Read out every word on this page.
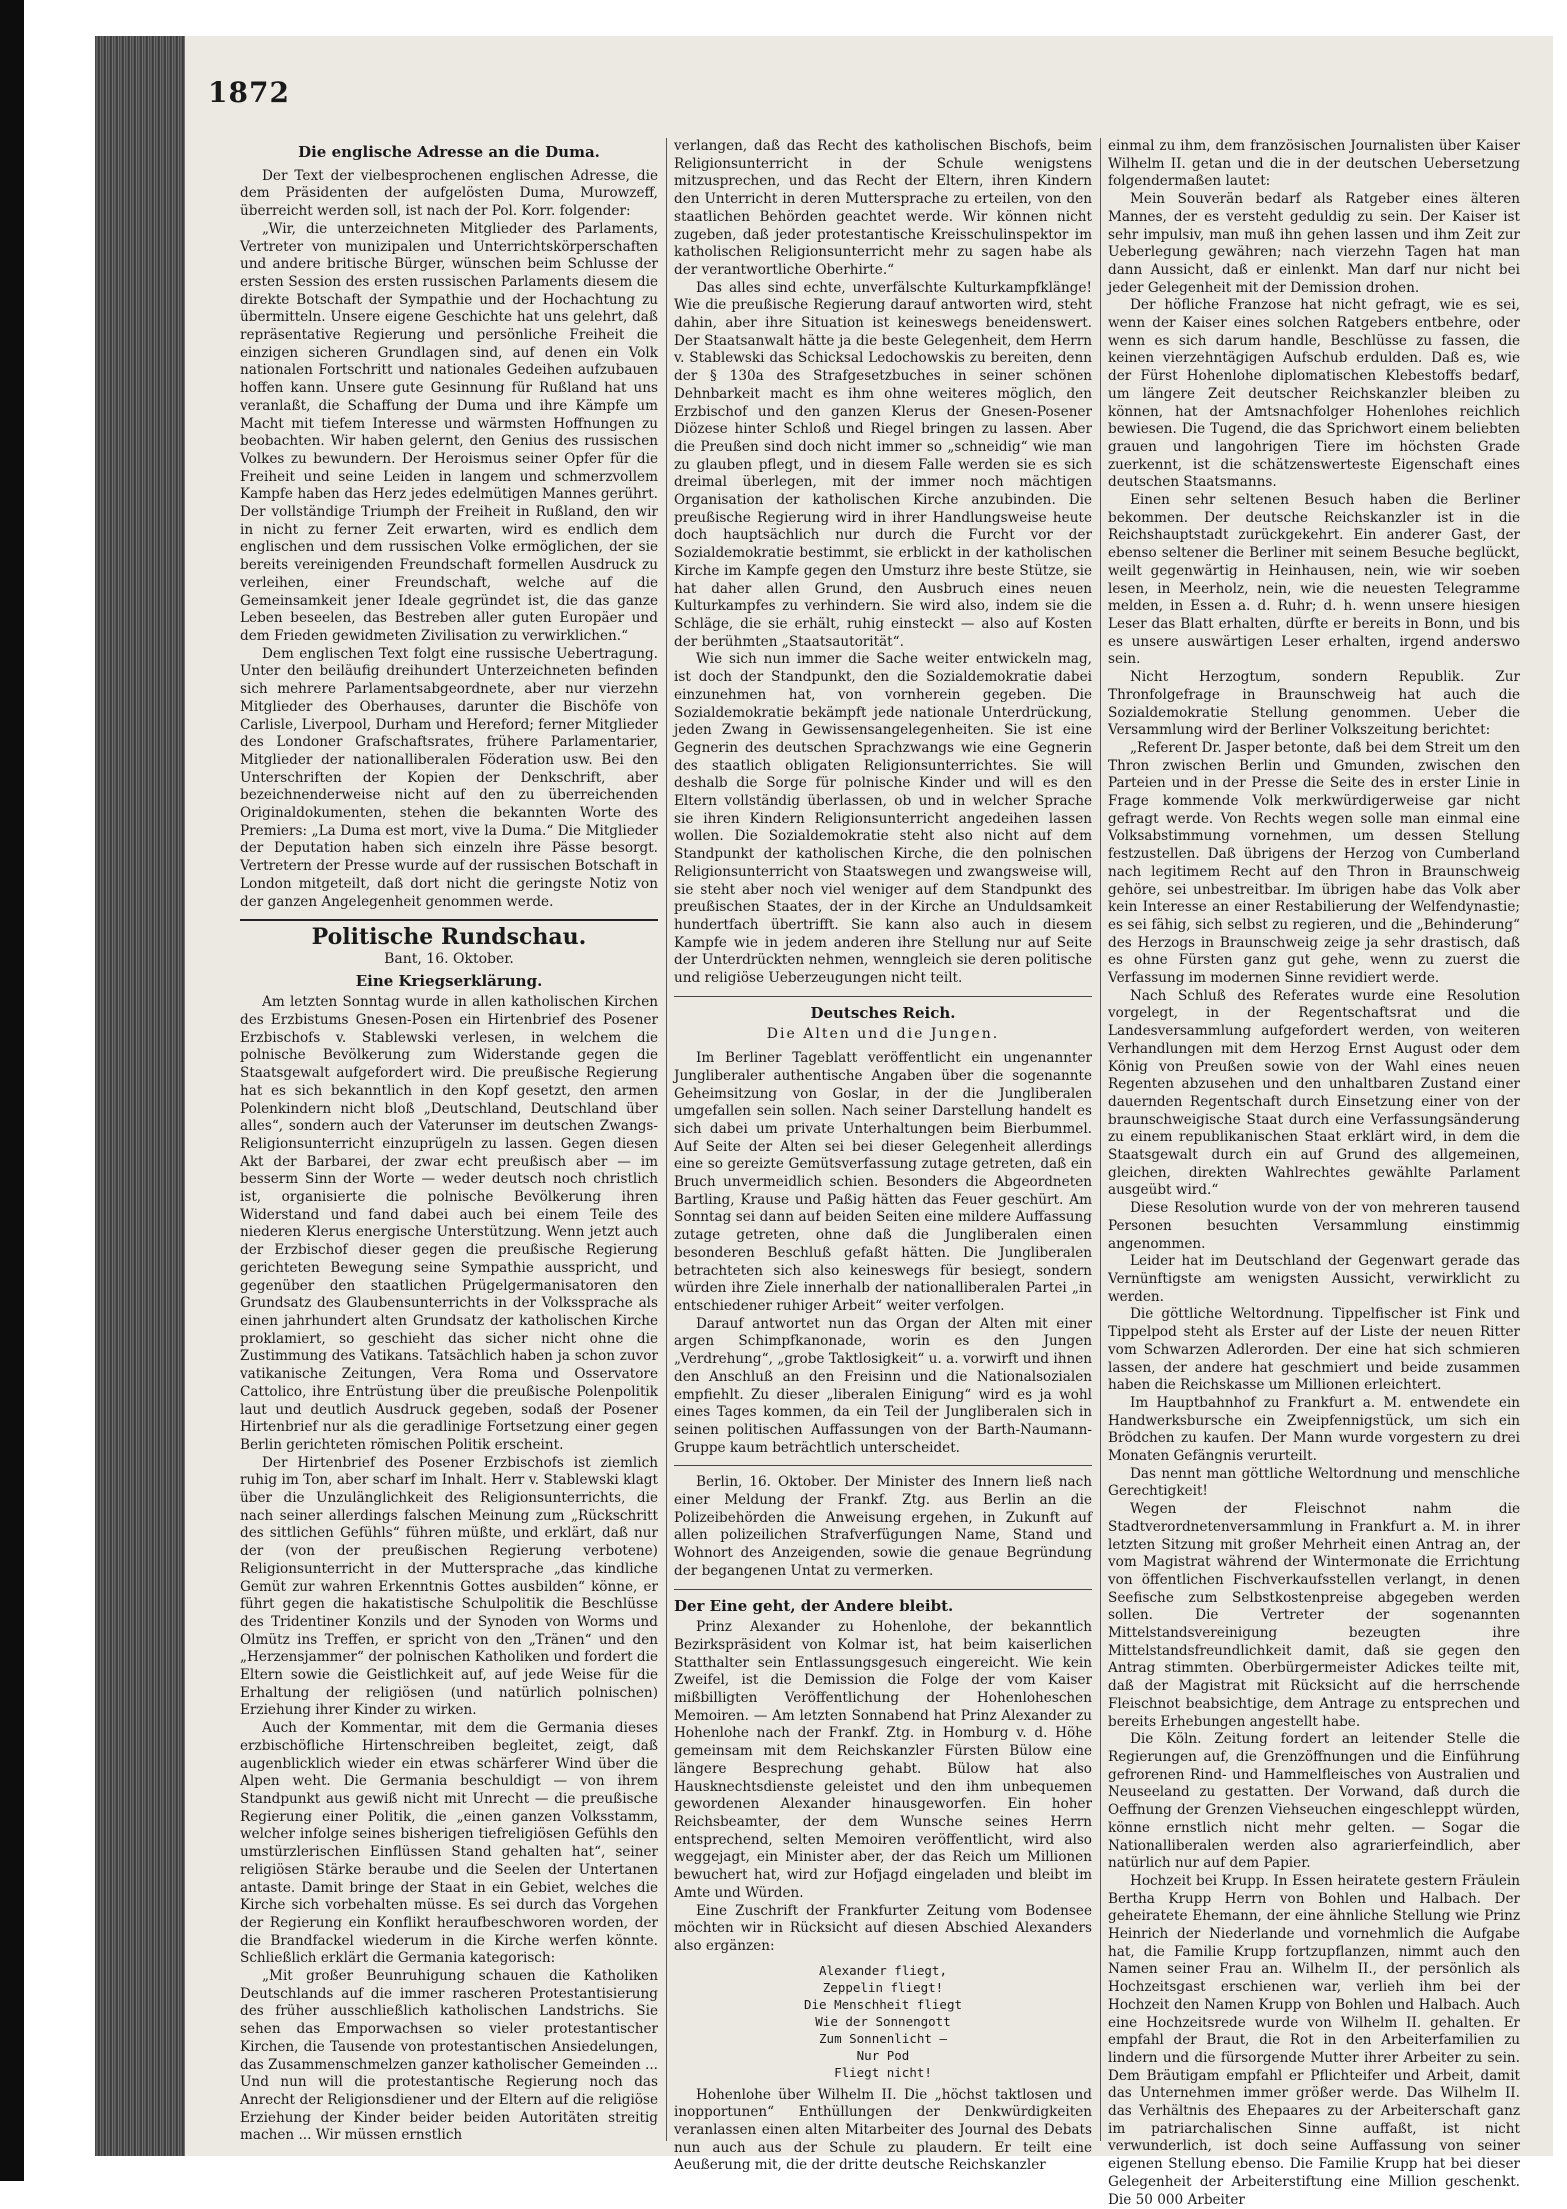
1872
Die englische Adresse an die Duma.

Der Text der vielbesprochenen englischen Adresse, die dem Präsidenten der aufgelösten Duma, Murowzeff, überreicht werden soll, ist nach der Pol. Korr. folgender:

„Wir, die unterzeichneten Mitglieder des Parlaments, Vertreter von munizipalen und Unterrichtskörperschaften und andere britische Bürger, wünschen beim Schlusse der ersten Session des ersten russischen Parlaments diesem die direkte Botschaft der Sympathie und der Hochachtung zu übermitteln. Unsere eigene Geschichte hat uns gelehrt, daß repräsentative Regierung und persönliche Freiheit die einzigen sicheren Grundlagen sind, auf denen ein Volk nationalen Fortschritt und nationales Gedeihen aufzubauen hoffen kann. Unsere gute Gesinnung für Rußland hat uns veranlaßt, die Schaffung der Duma und ihre Kämpfe um Macht mit tiefem Interesse und wärmsten Hoffnungen zu beobachten. Wir haben gelernt, den Genius des russischen Volkes zu bewundern. Der Heroismus seiner Opfer für die Freiheit und seine Leiden in langem und schmerzvollem Kampfe haben das Herz jedes edelmütigen Mannes gerührt. Der vollständige Triumph der Freiheit in Rußland, den wir in nicht zu ferner Zeit erwarten, wird es endlich dem englischen und dem russischen Volke ermöglichen, der sie bereits vereinigenden Freundschaft formellen Ausdruck zu verleihen, einer Freundschaft, welche auf die Gemeinsamkeit jener Ideale gegründet ist, die das ganze Leben beseelen, das Bestreben aller guten Europäer und dem Frieden gewidmeten Zivilisation zu verwirklichen.“

Dem englischen Text folgt eine russische Uebertragung. Unter den beiläufig dreihundert Unterzeichneten befinden sich mehrere Parlamentsabgeordnete, aber nur vierzehn Mitglieder des Oberhauses, darunter die Bischöfe von Carlisle, Liverpool, Durham und Hereford; ferner Mitglieder des Londoner Grafschaftsrates, frühere Parlamentarier, Mitglieder der nationalliberalen Föderation usw. Bei den Unterschriften der Kopien der Denkschrift, aber bezeichnenderweise nicht auf den zu überreichenden Originaldokumenten, stehen die bekannten Worte des Premiers: „La Duma est mort, vive la Duma.“ Die Mitglieder der Deputation haben sich einzeln ihre Pässe besorgt. Vertretern der Presse wurde auf der russischen Botschaft in London mitgeteilt, daß dort nicht die geringste Notiz von der ganzen Angelegenheit genommen werde.

Politische Rundschau.
Bant, 16. Oktober.
Eine Kriegserklärung.

Am letzten Sonntag wurde in allen katholischen Kirchen des Erzbistums Gnesen-Posen ein Hirtenbrief des Posener Erzbischofs v. Stablewski verlesen, in welchem die polnische Bevölkerung zum Widerstande gegen die Staatsgewalt aufgefordert wird. Die preußische Regierung hat es sich bekanntlich in den Kopf gesetzt, den armen Polenkindern nicht bloß „Deutschland, Deutschland über alles“, sondern auch der Vaterunser im deutschen Zwangs-Religionsunterricht einzuprügeln zu lassen. Gegen diesen Akt der Barbarei, der zwar echt preußisch aber — im besserm Sinn der Worte — weder deutsch noch christlich ist, organisierte die polnische Bevölkerung ihren Widerstand und fand dabei auch bei einem Teile des niederen Klerus energische Unterstützung. Wenn jetzt auch der Erzbischof dieser gegen die preußische Regierung gerichteten Bewegung seine Sympathie ausspricht, und gegenüber den staatlichen Prügelgermanisatoren den Grundsatz des Glaubensunterrichts in der Volkssprache als einen jahrhundert alten Grundsatz der katholischen Kirche proklamiert, so geschieht das sicher nicht ohne die Zustimmung des Vatikans. Tatsächlich haben ja schon zuvor vatikanische Zeitungen, Vera Roma und Osservatore Cattolico, ihre Entrüstung über die preußische Polenpolitik laut und deutlich Ausdruck gegeben, sodaß der Posener Hirtenbrief nur als die geradlinige Fortsetzung einer gegen Berlin gerichteten römischen Politik erscheint.

Der Hirtenbrief des Posener Erzbischofs ist ziemlich ruhig im Ton, aber scharf im Inhalt. Herr v. Stablewski klagt über die Unzulänglichkeit des Religionsunterrichts, die nach seiner allerdings falschen Meinung zum „Rückschritt des sittlichen Gefühls“ führen müßte, und erklärt, daß nur der (von der preußischen Regierung verbotene) Religionsunterricht in der Muttersprache „das kindliche Gemüt zur wahren Erkenntnis Gottes ausbilden“ könne, er führt gegen die hakatistische Schulpolitik die Beschlüsse des Tridentiner Konzils und der Synoden von Worms und Olmütz ins Treffen, er spricht von den „Tränen“ und den „Herzensjammer“ der polnischen Katholiken und fordert die Eltern sowie die Geistlichkeit auf, auf jede Weise für die Erhaltung der religiösen (und natürlich polnischen) Erziehung ihrer Kinder zu wirken.

Auch der Kommentar, mit dem die Germania dieses erzbischöfliche Hirtenschreiben begleitet, zeigt, daß augenblicklich wieder ein etwas schärferer Wind über die Alpen weht. Die Germania beschuldigt — von ihrem Standpunkt aus gewiß nicht mit Unrecht — die preußische Regierung einer Politik, die „einen ganzen Volksstamm, welcher infolge seines bisherigen tiefreligiösen Gefühls den umstürzlerischen Einflüssen Stand gehalten hat“, seiner religiösen Stärke beraube und die Seelen der Untertanen antaste. Damit bringe der Staat in ein Gebiet, welches die Kirche sich vorbehalten müsse. Es sei durch das Vorgehen der Regierung ein Konflikt heraufbeschworen worden, der die Brandfackel wiederum in die Kirche werfen könnte. Schließlich erklärt die Germania kategorisch:

„Mit großer Beunruhigung schauen die Katholiken Deutschlands auf die immer rascheren Protestantisierung des früher ausschließlich katholischen Landstrichs. Sie sehen das Emporwachsen so vieler protestantischer Kirchen, die Tausende von protestantischen Ansiedelungen, das Zusammenschmelzen ganzer katholischer Gemeinden ... Und nun will die protestantische Regierung noch das Anrecht der Religionsdiener und der Eltern auf die religiöse Erziehung der Kinder beider beiden Autoritäten streitig machen ... Wir müssen ernstlich

verlangen, daß das Recht des katholischen Bischofs, beim Religionsunterricht in der Schule wenigstens mitzusprechen, und das Recht der Eltern, ihren Kindern den Unterricht in deren Muttersprache zu erteilen, von den staatlichen Behörden geachtet werde. Wir können nicht zugeben, daß jeder protestantische Kreisschulinspektor im katholischen Religionsunterricht mehr zu sagen habe als der verantwortliche Oberhirte.“

Das alles sind echte, unverfälschte Kulturkampfklänge! Wie die preußische Regierung darauf antworten wird, steht dahin, aber ihre Situation ist keineswegs beneidenswert. Der Staatsanwalt hätte ja die beste Gelegenheit, dem Herrn v. Stablewski das Schicksal Ledochowskis zu bereiten, denn der § 130a des Strafgesetzbuches in seiner schönen Dehnbarkeit macht es ihm ohne weiteres möglich, den Erzbischof und den ganzen Klerus der Gnesen-Posener Diözese hinter Schloß und Riegel bringen zu lassen. Aber die Preußen sind doch nicht immer so „schneidig“ wie man zu glauben pflegt, und in diesem Falle werden sie es sich dreimal überlegen, mit der immer noch mächtigen Organisation der katholischen Kirche anzubinden. Die preußische Regierung wird in ihrer Handlungsweise heute doch hauptsächlich nur durch die Furcht vor der Sozialdemokratie bestimmt, sie erblickt in der katholischen Kirche im Kampfe gegen den Umsturz ihre beste Stütze, sie hat daher allen Grund, den Ausbruch eines neuen Kulturkampfes zu verhindern. Sie wird also, indem sie die Schläge, die sie erhält, ruhig einsteckt — also auf Kosten der berühmten „Staatsautorität“.

Wie sich nun immer die Sache weiter entwickeln mag, ist doch der Standpunkt, den die Sozialdemokratie dabei einzunehmen hat, von vornherein gegeben. Die Sozialdemokratie bekämpft jede nationale Unterdrückung, jeden Zwang in Gewissensangelegenheiten. Sie ist eine Gegnerin des deutschen Sprachzwangs wie eine Gegnerin des staatlich obligaten Religionsunterrichtes. Sie will deshalb die Sorge für polnische Kinder und will es den Eltern vollständig überlassen, ob und in welcher Sprache sie ihren Kindern Religionsunterricht angedeihen lassen wollen. Die Sozialdemokratie steht also nicht auf dem Standpunkt der katholischen Kirche, die den polnischen Religionsunterricht von Staatswegen und zwangsweise will, sie steht aber noch viel weniger auf dem Standpunkt des preußischen Staates, der in der Kirche an Unduldsamkeit hundertfach übertrifft. Sie kann also auch in diesem Kampfe wie in jedem anderen ihre Stellung nur auf Seite der Unterdrückten nehmen, wenngleich sie deren politische und religiöse Ueberzeugungen nicht teilt.

Deutsches Reich.
Die Alten und die Jungen.

Im Berliner Tageblatt veröffentlicht ein ungenannter Jungliberaler authentische Angaben über die sogenannte Geheimsitzung von Goslar, in der die Jungliberalen umgefallen sein sollen. Nach seiner Darstellung handelt es sich dabei um private Unterhaltungen beim Bierbummel. Auf Seite der Alten sei bei dieser Gelegenheit allerdings eine so gereizte Gemütsverfassung zutage getreten, daß ein Bruch unvermeidlich schien. Besonders die Abgeordneten Bartling, Krause und Paßig hätten das Feuer geschürt. Am Sonntag sei dann auf beiden Seiten eine mildere Auffassung zutage getreten, ohne daß die Jungliberalen einen besonderen Beschluß gefaßt hätten. Die Jungliberalen betrachteten sich also keineswegs für besiegt, sondern würden ihre Ziele innerhalb der nationalliberalen Partei „in entschiedener ruhiger Arbeit“ weiter verfolgen.

Darauf antwortet nun das Organ der Alten mit einer argen Schimpfkanonade, worin es den Jungen „Verdrehung“, „grobe Taktlosigkeit“ u. a. vorwirft und ihnen den Anschluß an den Freisinn und die Nationalsozialen empfiehlt. Zu dieser „liberalen Einigung“ wird es ja wohl eines Tages kommen, da ein Teil der Jungliberalen sich in seinen politischen Auffassungen von der Barth-Naumann-Gruppe kaum beträchtlich unterscheidet.

Berlin, 16. Oktober. Der Minister des Innern ließ nach einer Meldung der Frankf. Ztg. aus Berlin an die Polizeibehörden die Anweisung ergehen, in Zukunft auf allen polizeilichen Strafverfügungen Name, Stand und Wohnort des Anzeigenden, sowie die genaue Begründung der begangenen Untat zu vermerken.

Der Eine geht, der Andere bleibt.

Prinz Alexander zu Hohenlohe, der bekanntlich Bezirkspräsident von Kolmar ist, hat beim kaiserlichen Statthalter sein Entlassungsgesuch eingereicht. Wie kein Zweifel, ist die Demission die Folge der vom Kaiser mißbilligten Veröffentlichung der Hohenloheschen Memoiren. — Am letzten Sonnabend hat Prinz Alexander zu Hohenlohe nach der Frankf. Ztg. in Homburg v. d. Höhe gemeinsam mit dem Reichskanzler Fürsten Bülow eine längere Besprechung gehabt. Bülow hat also Hausknechtsdienste geleistet und den ihm unbequemen gewordenen Alexander hinausgeworfen. Ein hoher Reichsbeamter, der dem Wunsche seines Herrn entsprechend, selten Memoiren veröffentlicht, wird also weggejagt, ein Minister aber, der das Reich um Millionen bewuchert hat, wird zur Hofjagd eingeladen und bleibt im Amte und Würden.

Eine Zuschrift der Frankfurter Zeitung vom Bodensee möchten wir in Rücksicht auf diesen Abschied Alexanders also ergänzen:

Alexander fliegt,
Zeppelin fliegt!
Die Menschheit fliegt
Wie der Sonnengott
Zum Sonnenlicht —
Nur Pod
Fliegt nicht!

Hohenlohe über Wilhelm II. Die „höchst taktlosen und inopportunen“ Enthüllungen der Denkwürdigkeiten veranlassen einen alten Mitarbeiter des Journal des Debats nun auch aus der Schule zu plaudern. Er teilt eine Aeußerung mit, die der dritte deutsche Reichskanzler

einmal zu ihm, dem französischen Journalisten über Kaiser Wilhelm II. getan und die in der deutschen Uebersetzung folgendermaßen lautet:

Mein Souverän bedarf als Ratgeber eines älteren Mannes, der es versteht geduldig zu sein. Der Kaiser ist sehr impulsiv, man muß ihn gehen lassen und ihm Zeit zur Ueberlegung gewähren; nach vierzehn Tagen hat man dann Aussicht, daß er einlenkt. Man darf nur nicht bei jeder Gelegenheit mit der Demission drohen.

Der höfliche Franzose hat nicht gefragt, wie es sei, wenn der Kaiser eines solchen Ratgebers entbehre, oder wenn es sich darum handle, Beschlüsse zu fassen, die keinen vierzehntägigen Aufschub erdulden. Daß es, wie der Fürst Hohenlohe diplomatischen Klebestoffs bedarf, um längere Zeit deutscher Reichskanzler bleiben zu können, hat der Amtsnachfolger Hohenlohes reichlich bewiesen. Die Tugend, die das Sprichwort einem beliebten grauen und langohrigen Tiere im höchsten Grade zuerkennt, ist die schätzenswerteste Eigenschaft eines deutschen Staatsmanns.

Einen sehr seltenen Besuch haben die Berliner bekommen. Der deutsche Reichskanzler ist in die Reichshauptstadt zurückgekehrt. Ein anderer Gast, der ebenso seltener die Berliner mit seinem Besuche beglückt, weilt gegenwärtig in Heinhausen, nein, wie wir soeben lesen, in Meerholz, nein, wie die neuesten Telegramme melden, in Essen a. d. Ruhr; d. h. wenn unsere hiesigen Leser das Blatt erhalten, dürfte er bereits in Bonn, und bis es unsere auswärtigen Leser erhalten, irgend anderswo sein.

Nicht Herzogtum, sondern Republik. Zur Thronfolgefrage in Braunschweig hat auch die Sozialdemokratie Stellung genommen. Ueber die Versammlung wird der Berliner Volkszeitung berichtet:

„Referent Dr. Jasper betonte, daß bei dem Streit um den Thron zwischen Berlin und Gmunden, zwischen den Parteien und in der Presse die Seite des in erster Linie in Frage kommende Volk merkwürdigerweise gar nicht gefragt werde. Von Rechts wegen solle man einmal eine Volksabstimmung vornehmen, um dessen Stellung festzustellen. Daß übrigens der Herzog von Cumberland nach legitimem Recht auf den Thron in Braunschweig gehöre, sei unbestreitbar. Im übrigen habe das Volk aber kein Interesse an einer Restabilierung der Welfendynastie; es sei fähig, sich selbst zu regieren, und die „Behinderung“ des Herzogs in Braunschweig zeige ja sehr drastisch, daß es ohne Fürsten ganz gut gehe, wenn zu zuerst die Verfassung im modernen Sinne revidiert werde.

Nach Schluß des Referates wurde eine Resolution vorgelegt, in der Regentschaftsrat und die Landesversammlung aufgefordert werden, von weiteren Verhandlungen mit dem Herzog Ernst August oder dem König von Preußen sowie von der Wahl eines neuen Regenten abzusehen und den unhaltbaren Zustand einer dauernden Regentschaft durch Einsetzung einer von der braunschweigische Staat durch eine Verfassungsänderung zu einem republikanischen Staat erklärt wird, in dem die Staatsgewalt durch ein auf Grund des allgemeinen, gleichen, direkten Wahlrechtes gewählte Parlament ausgeübt wird.“

Diese Resolution wurde von der von mehreren tausend Personen besuchten Versammlung einstimmig angenommen.

Leider hat im Deutschland der Gegenwart gerade das Vernünftigste am wenigsten Aussicht, verwirklicht zu werden.

Die göttliche Weltordnung. Tippelfischer ist Fink und Tippelpod steht als Erster auf der Liste der neuen Ritter vom Schwarzen Adlerorden. Der eine hat sich schmieren lassen, der andere hat geschmiert und beide zusammen haben die Reichskasse um Millionen erleichtert.

Im Hauptbahnhof zu Frankfurt a. M. entwendete ein Handwerksbursche ein Zweipfennigstück, um sich ein Brödchen zu kaufen. Der Mann wurde vorgestern zu drei Monaten Gefängnis verurteilt.

Das nennt man göttliche Weltordnung und menschliche Gerechtigkeit!

Wegen der Fleischnot nahm die Stadtverordnetenversammlung in Frankfurt a. M. in ihrer letzten Sitzung mit großer Mehrheit einen Antrag an, der vom Magistrat während der Wintermonate die Errichtung von öffentlichen Fischverkaufsstellen verlangt, in denen Seefische zum Selbstkostenpreise abgegeben werden sollen. Die Vertreter der sogenannten Mittelstandsvereinigung bezeugten ihre Mittelstandsfreundlichkeit damit, daß sie gegen den Antrag stimmten. Oberbürgermeister Adickes teilte mit, daß der Magistrat mit Rücksicht auf die herrschende Fleischnot beabsichtige, dem Antrage zu entsprechen und bereits Erhebungen angestellt habe.

Die Köln. Zeitung fordert an leitender Stelle die Regierungen auf, die Grenzöffnungen und die Einführung gefrorenen Rind- und Hammelfleisches von Australien und Neuseeland zu gestatten. Der Vorwand, daß durch die Oeffnung der Grenzen Viehseuchen eingeschleppt würden, könne ernstlich nicht mehr gelten. — Sogar die Nationalliberalen werden also agrarierfeindlich, aber natürlich nur auf dem Papier.

Hochzeit bei Krupp. In Essen heiratete gestern Fräulein Bertha Krupp Herrn von Bohlen und Halbach. Der geheiratete Ehemann, der eine ähnliche Stellung wie Prinz Heinrich der Niederlande und vornehmlich die Aufgabe hat, die Familie Krupp fortzupflanzen, nimmt auch den Namen seiner Frau an. Wilhelm II., der persönlich als Hochzeitsgast erschienen war, verlieh ihm bei der Hochzeit den Namen Krupp von Bohlen und Halbach. Auch eine Hochzeitsrede wurde von Wilhelm II. gehalten. Er empfahl der Braut, die Rot in den Arbeiterfamilien zu lindern und die fürsorgende Mutter ihrer Arbeiter zu sein. Dem Bräutigam empfahl er Pflichteifer und Arbeit, damit das Unternehmen immer größer werde. Das Wilhelm II. das Verhältnis des Ehepaares zu der Arbeiterschaft ganz im patriarchalischen Sinne auffaßt, ist nicht verwunderlich, ist doch seine Auffassung von seiner eigenen Stellung ebenso. Die Familie Krupp hat bei dieser Gelegenheit der Arbeiterstiftung eine Million geschenkt. Die 50 000 Arbeiter
